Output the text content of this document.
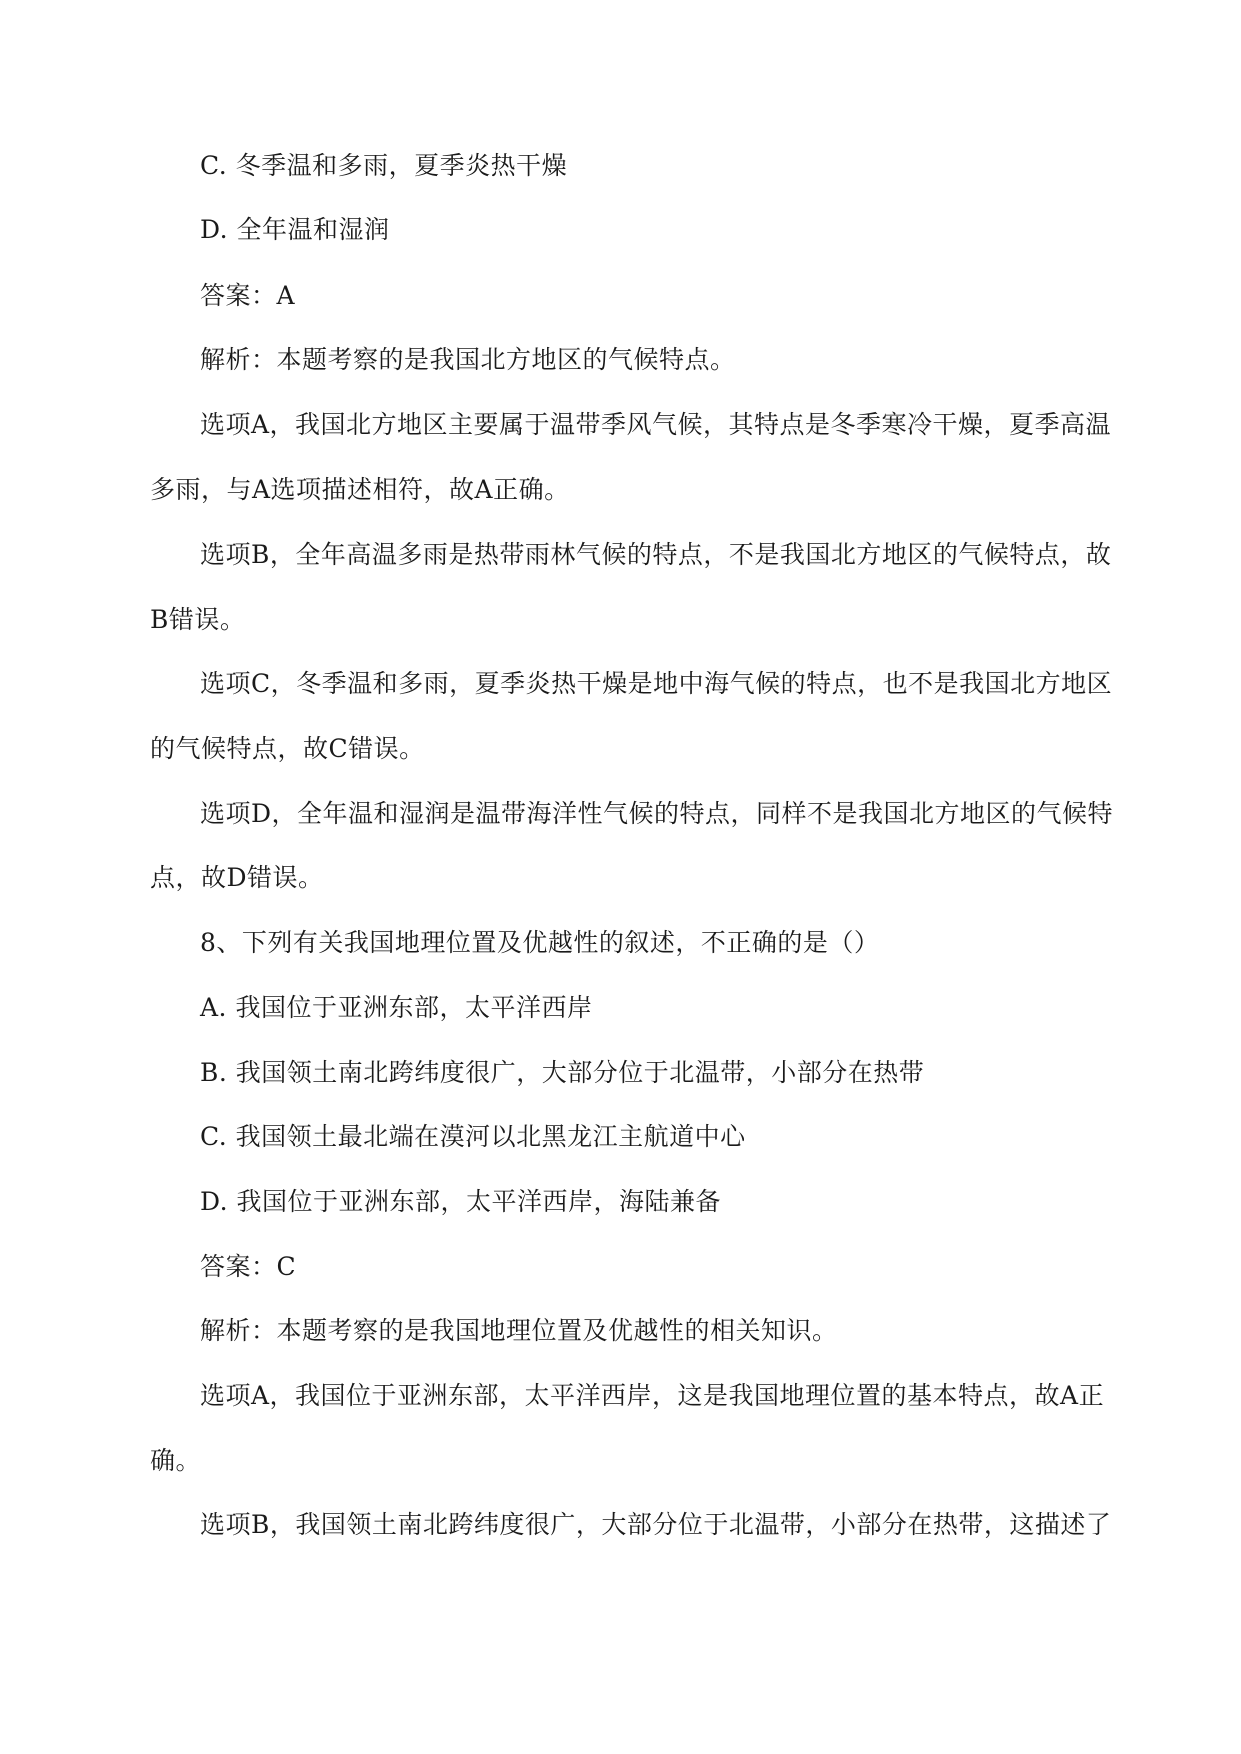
C. 冬季温和多雨，夏季炎热干燥

D. 全年温和湿润

答案：A

解析：本题考察的是我国北方地区的气候特点。

选项A，我国北方地区主要属于温带季风气候，其特点是冬季寒冷干燥，夏季高温

多雨，与A选项描述相符，故A正确。

选项B，全年高温多雨是热带雨林气候的特点，不是我国北方地区的气候特点，故

B错误。

选项C，冬季温和多雨，夏季炎热干燥是地中海气候的特点，也不是我国北方地区

的气候特点，故C错误。

选项D，全年温和湿润是温带海洋性气候的特点，同样不是我国北方地区的气候特

点，故D错误。

8、下列有关我国地理位置及优越性的叙述，不正确的是（）

A. 我国位于亚洲东部，太平洋西岸

B. 我国领土南北跨纬度很广，大部分位于北温带，小部分在热带

C. 我国领土最北端在漠河以北黑龙江主航道中心

D. 我国位于亚洲东部，太平洋西岸，海陆兼备

答案：C

解析：本题考察的是我国地理位置及优越性的相关知识。

选项A，我国位于亚洲东部，太平洋西岸，这是我国地理位置的基本特点，故A正

确。

选项B，我国领土南北跨纬度很广，大部分位于北温带，小部分在热带，这描述了
